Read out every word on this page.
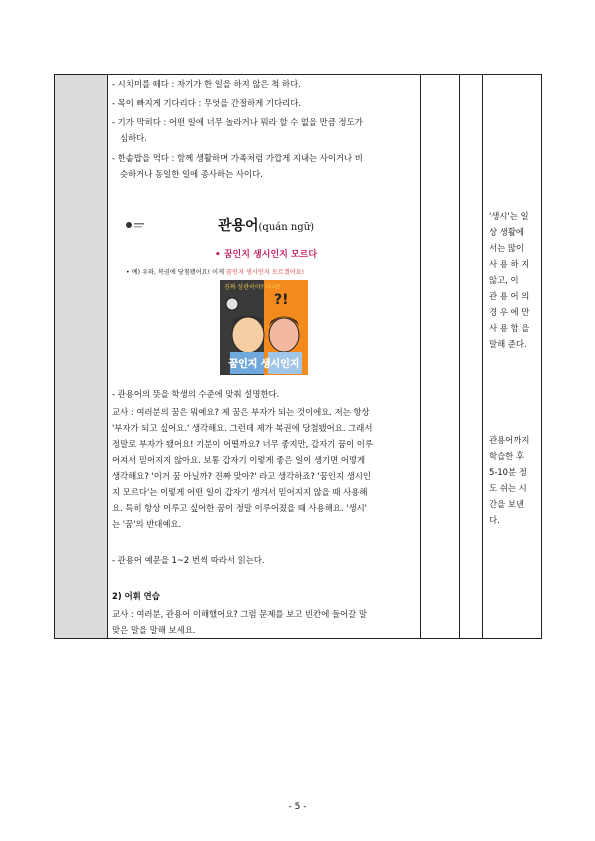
- 시치미를 떼다 : 자기가 한 일을 하지 않은 척 하다.
- 목이 빠지게 기다리다 : 무엇을 간절하게 기다리다.
- 기가 막히다 : 어떤 일에 너무 놀라거나 뭐라 할 수 없을 만큼 정도가
심하다.
- 한솥밥을 먹다 : 함께 생활하며 가족처럼 가깝게 지내는 사이거나 비
슷하거나 동일한 일에 종사하는 사이다.
관용어(quán ngữ)
• 꿈인지 생시인지 모르다
• 예) 우와, 복권에 당첨됐어요! 이게 꿈인지 생시인지 모르겠어요!
진짜 상관이야? 다리?
?!
꿈인지 생시인지
- 관용어의 뜻을 학생의 수준에 맞춰 설명한다.
교사 : 여러분의 꿈은 뭐예요? 제 꿈은 부자가 되는 것이에요. 저는 항상
'부자가 되고 싶어요.' 생각해요. 그런데 제가 복권에 당첨됐어요. 그래서
정말로 부자가 됐어요! 기분이 어떨까요? 너무 좋지만, 갑자기 꿈이 이루
어져서 믿어지지 않아요. 보통 갑자기 이렇게 좋은 일이 생기면 어떻게
생각해요? '이거 꿈 아닐까? 진짜 맞아?' 라고 생각하죠? '꿈인지 생시인
지 모르다'는 이렇게 어떤 일이 갑자기 생겨서 믿어지지 않을 때 사용해
요. 특히 항상 이루고 싶어한 꿈이 정말 이루어졌을 때 사용해요. '생시'
는 '꿈'의 반대예요.
- 관용어 예문을 1~2 번씩 따라서 읽는다.
2) 어휘 연습
교사 : 여러분, 관용어 이해했어요? 그럼 문제를 보고 빈칸에 들어갈 말
맞은 말을 말해 보세요.

'생시'는 일
상 생활에
서는 많이
사 용 하 지
않고, 이
관 용 어 의
경 우 에 만
사 용 함 을
말해 준다.
관용어까지
학습한 후
5-10분 정
도 쉬는 시
간을 보낸
다.
- 5 -
